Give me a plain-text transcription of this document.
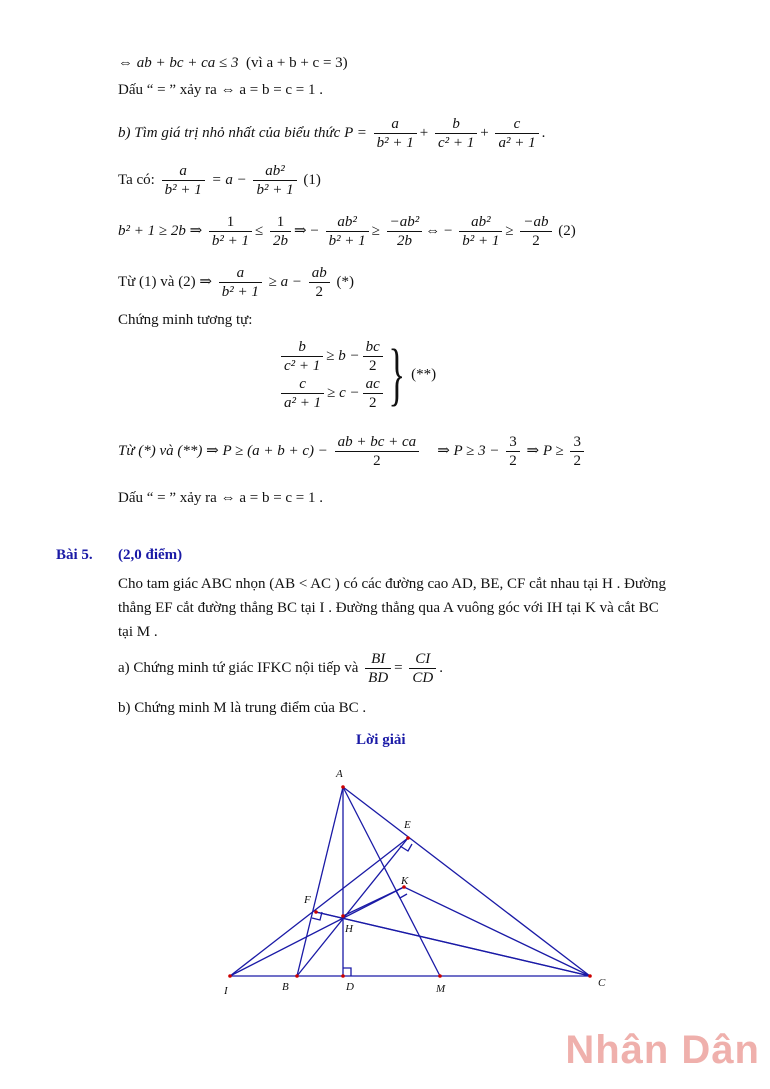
⇔ ab + bc + ca ≤ 3 (vì a + b + c = 3)
Dấu “ = ” xảy ra ⇔ a = b = c = 1 .
b) Tìm giá trị nhỏ nhất của biểu thức $P = \frac{a}{\text{b² + 1}} + \frac{b}{\text{c² + 1}} + \frac{c}{\text{a² + 1}}$ .
Ta có: $\frac{a}{\text{b² + 1}} = a - \frac{\text{ab²}}{\text{b² + 1}} (1)$
b² + 1 ≥ 2b ⇒ $\frac{1}{\text{b² + 1}} \le \frac{1}{2b}$ ⇒ − $\frac{\text{ab²}}{\text{b² + 1}} \ge \frac{\text{−ab²}}{2b}$ ⇔ − $\frac{\text{ab²}}{\text{b² + 1}} \ge \frac{-ab}{2} (2)$
Từ (1) và (2) ⇒ $\frac{a}{\text{b² + 1}} \ge a - \frac{ab}{2}$ (*)
Chứng minh tương tự:
$\frac{b}{\text{c² + 1}} \ge b - \frac{bc}{2}$
$\frac{c}{\text{a² + 1}} \ge c - \frac{ac}{2}$ } (**)
Từ (*) và (**) ⇒ $P \ge (a + b + c) - \frac{ab + bc + ca}{2}$ ⇒ $P \ge 3 - \frac{3}{2}$ ⇒ $P \ge \frac{3}{2}$
Dấu “ = ” xảy ra ⇔ a = b = c = 1 .
Bài 5. (2,0 điểm)
Cho tam giác ABC nhọn (AB < AC ) có các đường cao AD, BE, CF cắt nhau tại H . Đường
thẳng EF cắt đường thẳng BC tại I . Đường thẳng qua A vuông góc với IH tại K và cắt BC
tại M .
a) Chứng minh tứ giác IFKC nội tiếp và $\frac{BI}{BD} = \frac{CI}{CD}$ .
b) Chứng minh M là trung điểm của BC .
Lời giải
A
B	C
D
E
F
H
I
K
M
Nhân Dân
